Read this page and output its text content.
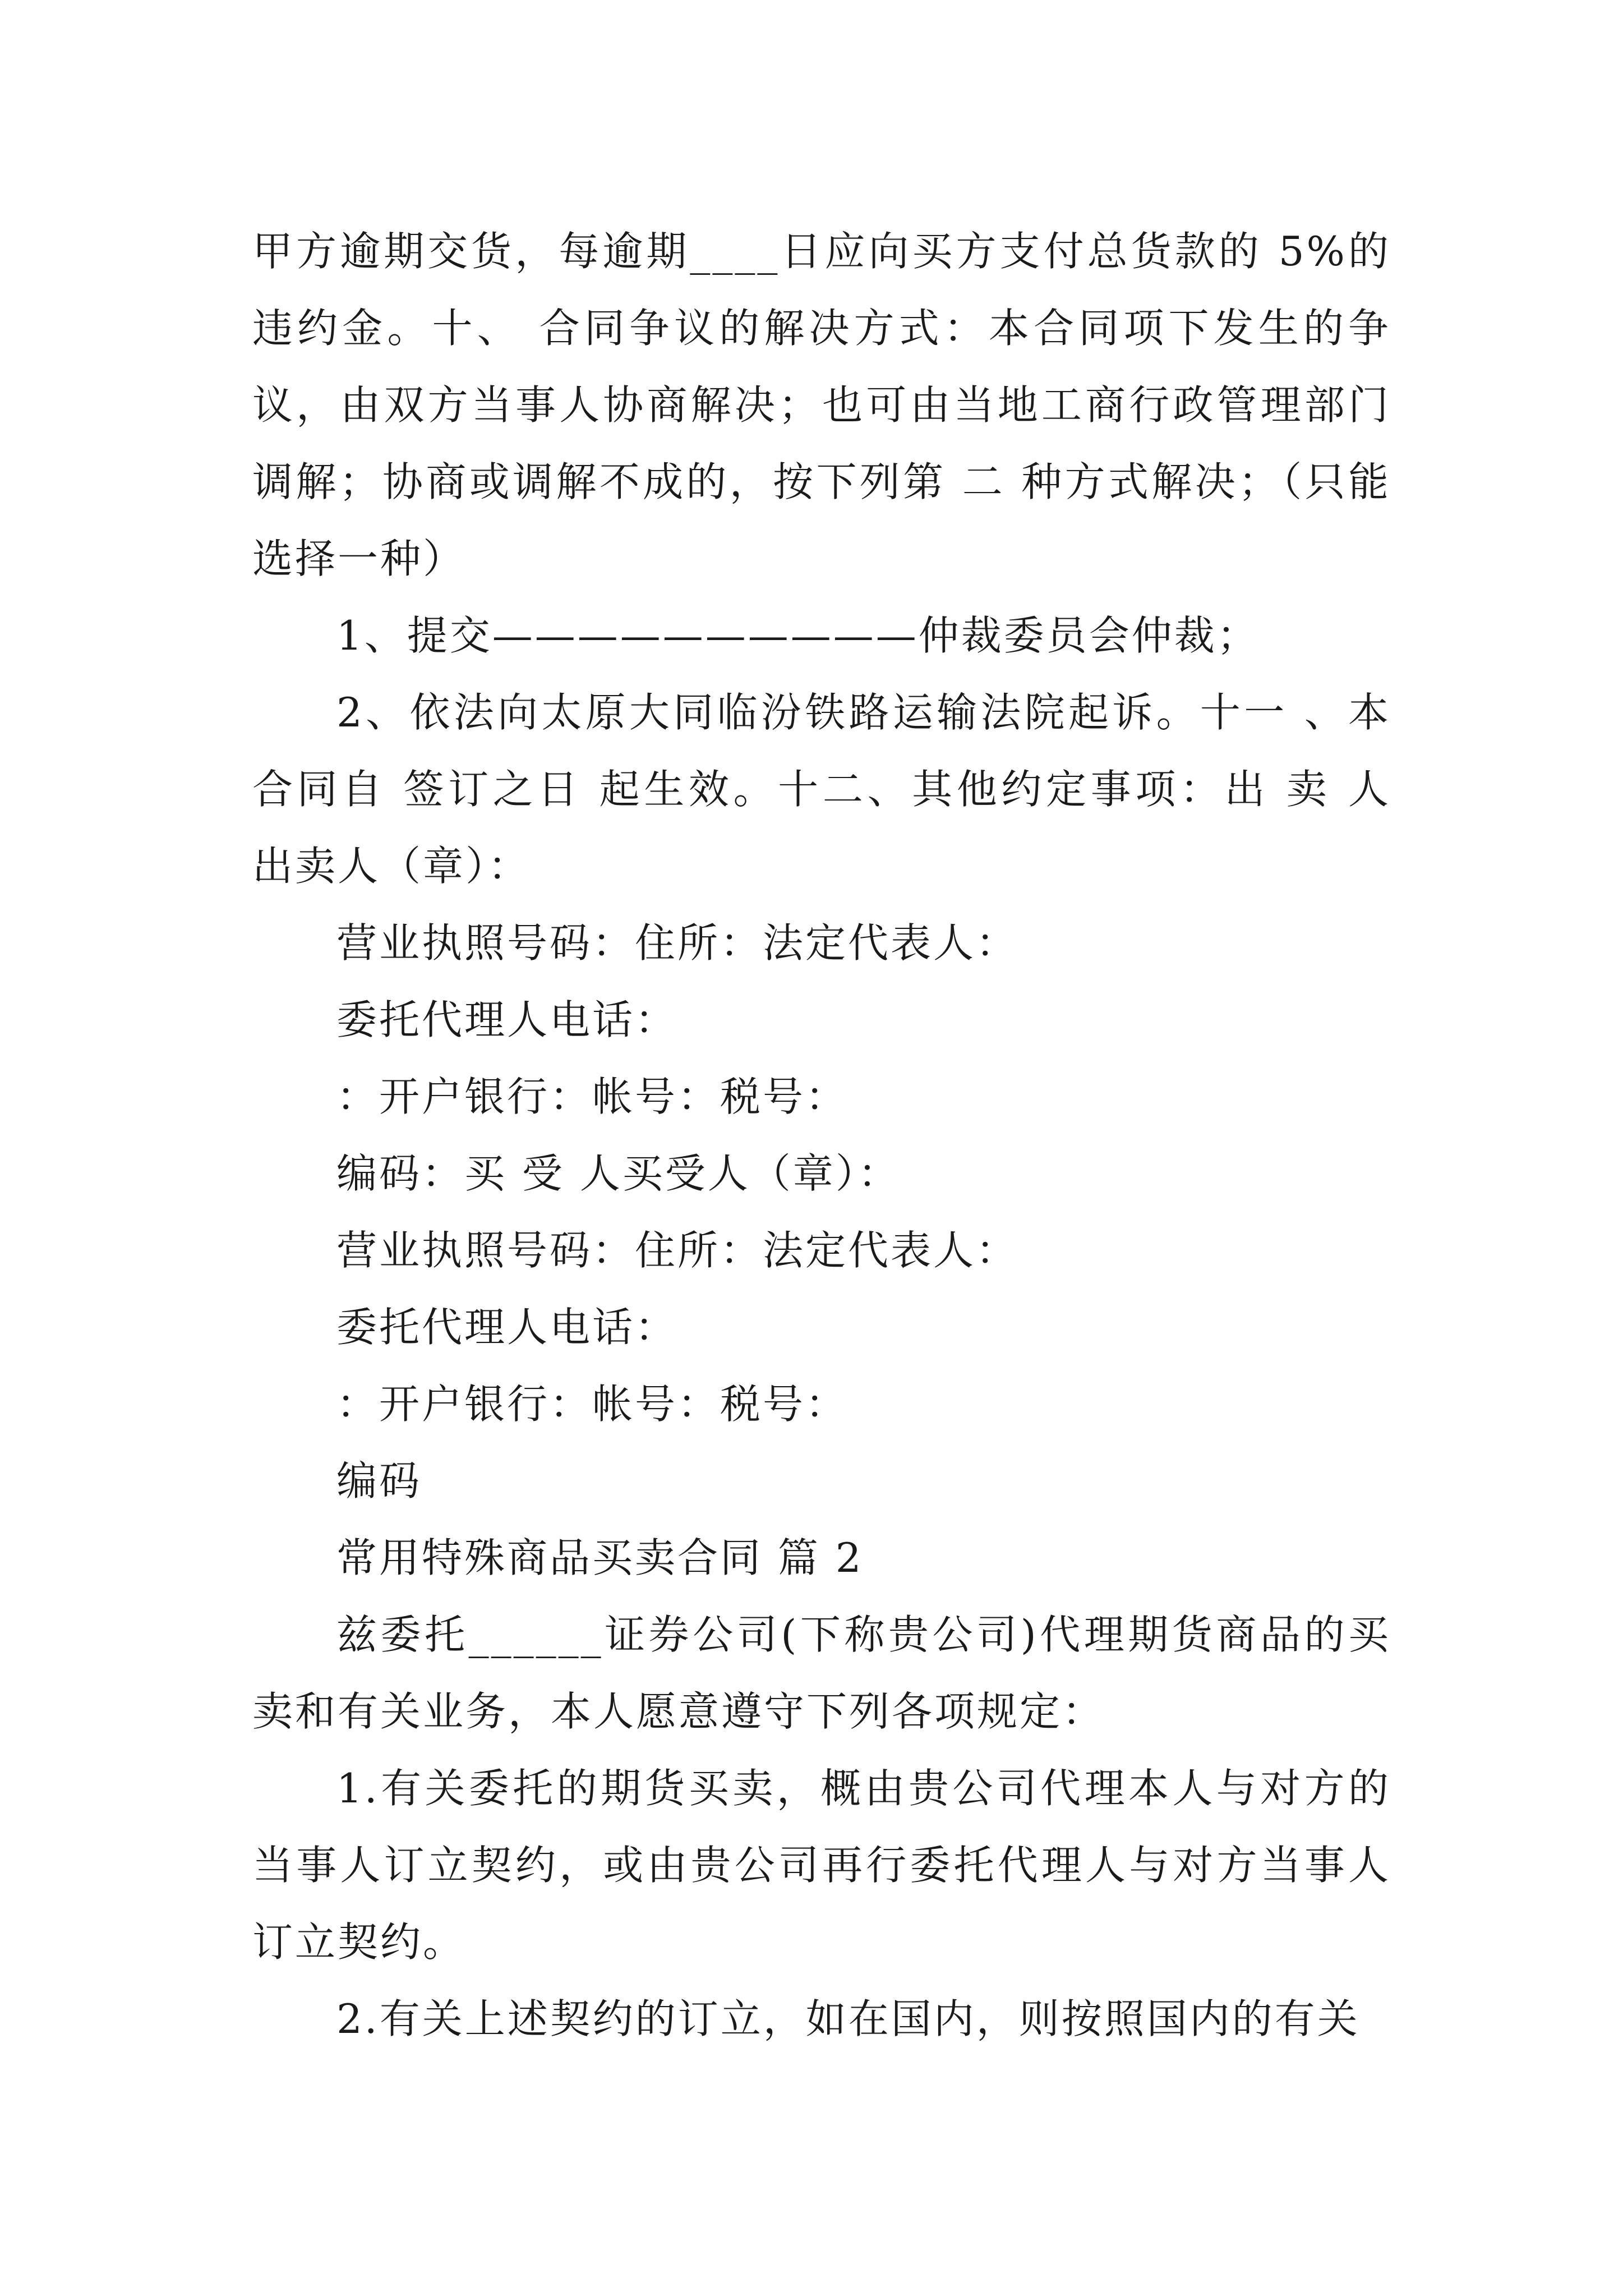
甲方逾期交货，每逾期____日应向买方支付总货款的 5%的违约金。十、 合同争议的解决方式：本合同项下发生的争议，由双方当事人协商解决；也可由当地工商行政管理部门调解；协商或调解不成的，按下列第 二 种方式解决；（只能选择一种）

1、提交——————————仲裁委员会仲裁；

2、依法向太原大同临汾铁路运输法院起诉。十一 、本合同自 签订之日 起生效。十二、其他约定事项：出 卖 人 出卖人（章）：

营业执照号码：住所：法定代表人：

委托代理人电话：

：开户银行：帐号：税号：

编码：买 受 人买受人（章）：

营业执照号码：住所：法定代表人：

委托代理人电话：

：开户银行：帐号：税号：

编码

常用特殊商品买卖合同 篇 2

兹委托______证券公司(下称贵公司)代理期货商品的买卖和有关业务，本人愿意遵守下列各项规定：

1.有关委托的期货买卖，概由贵公司代理本人与对方的当事人订立契约，或由贵公司再行委托代理人与对方当事人订立契约。

2.有关上述契约的订立，如在国内，则按照国内的有关
